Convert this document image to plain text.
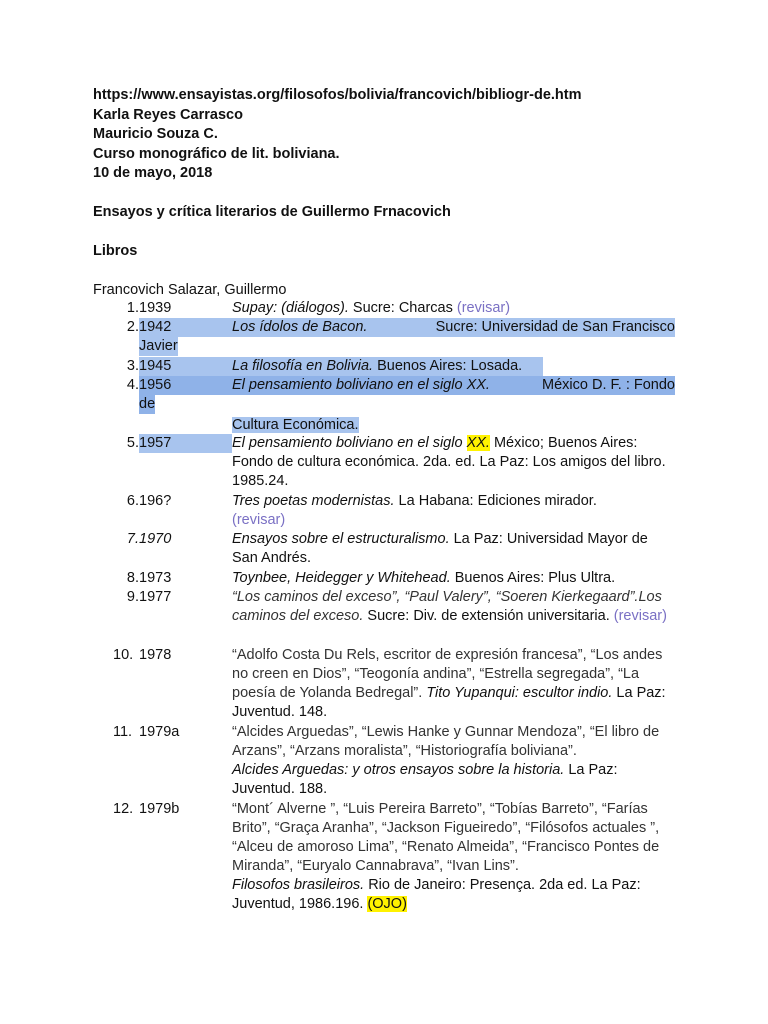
https://www.ensayistas.org/filosofos/bolivia/francovich/bibliogr-de.htm
Karla Reyes Carrasco
Mauricio Souza C.
Curso monográfico de lit. boliviana.
10 de mayo, 2018
Ensayos y crítica literarios de Guillermo Frnacovich
Libros
Francovich Salazar, Guillermo
1. 1939	Supay: (diálogos). Sucre: Charcas (revisar)
2. 1942	Los ídolos de Bacon.	Sucre: Universidad de San Francisco
Javier
3. 1945	La filosofía en Bolivia. Buenos Aires: Losada.
4. 1956	El pensamiento boliviano en el siglo XX.	México D. F. : Fondo
de
Cultura Económica.
5. 1957	El pensamiento boliviano en el siglo XX. México; Buenos Aires: Fondo de cultura económica. 2da. ed. La Paz: Los amigos del libro. 1985.24.
6. 196?	Tres poetas modernistas. La Habana: Ediciones mirador.
(revisar)
7. 1970	Ensayos sobre el estructuralismo. La Paz: Universidad Mayor de San Andrés.
8. 1973	Toynbee, Heidegger y Whitehead. Buenos Aires: Plus Ultra.
9. 1977	“Los caminos del exceso”, “Paul Valery”, “Soeren Kierkegaard”.Los caminos del exceso. Sucre: Div. de extensión universitaria. (revisar)
10. 1978	“Adolfo Costa Du Rels, escritor de expresión francesa”, “Los andes no creen en Dios”, “Teogonía andina”, “Estrella segregada”, “La poesía de Yolanda Bedregal”. Tito Yupanqui: escultor indio. La Paz: Juventud. 148.
11. 1979a	“Alcides Arguedas”, “Lewis Hanke y Gunnar Mendoza”, “El libro de Arzans”, “Arzans moralista”, “Historiografía boliviana”.
Alcides Arguedas: y otros ensayos sobre la historia. La Paz: Juventud. 188.
12. 1979b	“Mont´ Alverne ”, “Luis Pereira Barreto”, “Tobías Barreto”, “Farías Brito”, “Graça Aranha”, “Jackson Figueiredo”, “Filósofos actuales ”, “Alceu de amoroso Lima”, “Renato Almeida”, “Francisco Pontes de Miranda”, “Euryalo Cannabrava”, “Ivan Lins”.
Filosofos brasileiros. Rio de Janeiro: Presença. 2da ed. La Paz: Juventud, 1986.196. (OJO)
